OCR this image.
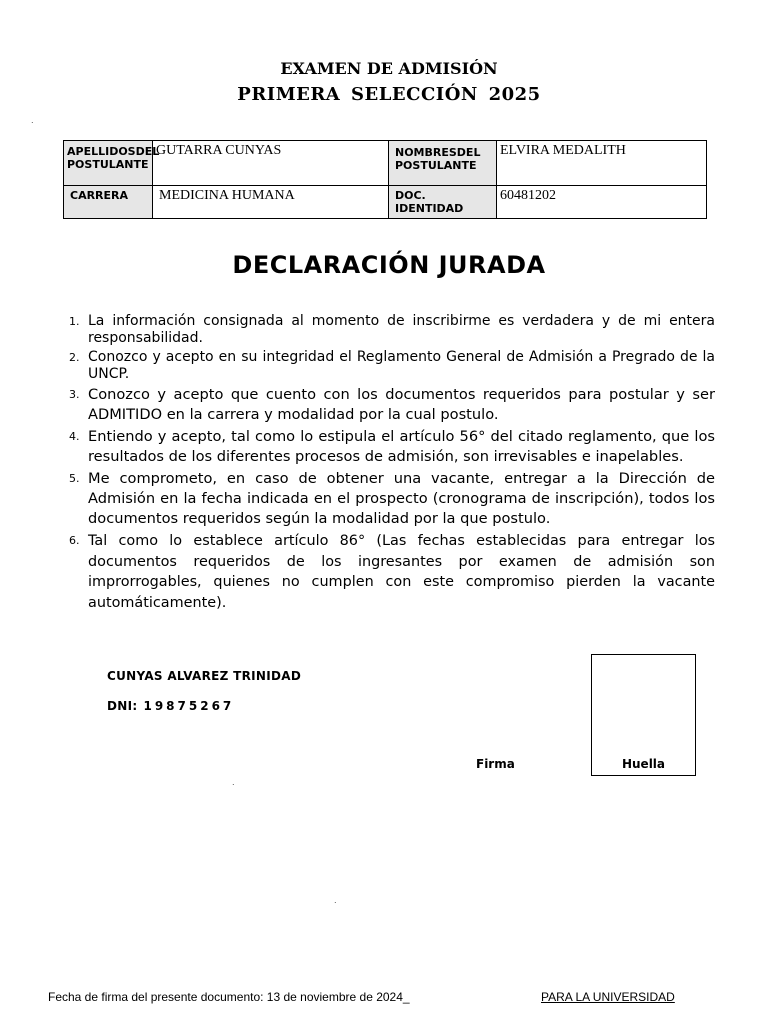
EXAMEN DE ADMISIÓN
PRIMERA SELECCIÓN 2025
.
APELLIDOSDEL POSTULANTE	GUTARRA CUNYAS	NOMBRESDEL POSTULANTE	ELVIRA MEDALITH
CARRERA	MEDICINA HUMANA	DOC. IDENTIDAD	60481202
DECLARACIÓN JURADA
1. La información consignada al momento de inscribirme es verdadera y de mi entera responsabilidad.
2. Conozco y acepto en su integridad el Reglamento General de Admisión a Pregrado de la UNCP.
3. Conozco y acepto que cuento con los documentos requeridos para postular y ser ADMITIDO en la carrera y modalidad por la cual postulo.
4. Entiendo y acepto, tal como lo estipula el artículo 56° del citado reglamento, que los resultados de los diferentes procesos de admisión, son irrevisables e inapelables.
5. Me comprometo, en caso de obtener una vacante, entregar a la Dirección de Admisión en la fecha indicada en el prospecto (cronograma de inscripción), todos los documentos requeridos según la modalidad por la que postulo.
6. Tal como lo establece artículo 86° (Las fechas establecidas para entregar los documentos requeridos de los ingresantes por examen de admisión son improrrogables, quienes no cumplen con este compromiso pierden la vacante automáticamente).
CUNYAS ALVAREZ TRINIDAD
DNI: 19875267
Firma	Huella
.
.
Fecha de firma del presente documento: 13 de noviembre de 2024_	PARA LA UNIVERSIDAD
